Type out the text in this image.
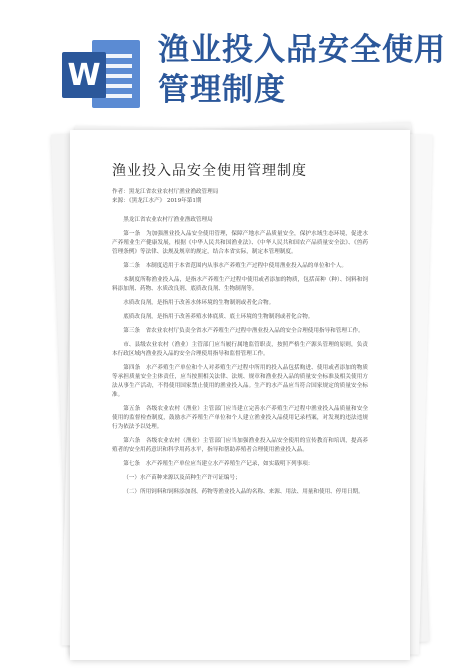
W
渔业投入品安全使用管理制度
渔业投入品安全使用管理制度
作者：黑龙江省农业农村厅渔业渔政管理局
来源：《黑龙江水产》 2019年第1期

黑龙江省农业农村厅渔业渔政管理局

第一条　为加强渔业投入品安全使用管理，保障产地水产品质量安全，保护水域生态环境，促进水产养殖业生产健康发展，根据《中华人民共和国渔业法》、《中华人民共和国农产品质量安全法》、《兽药管理条例》等法律、法规及规章的规定，结合本省实际，制定本管理制度。

第二条　本制度适用于本省范围内从事水产养殖生产过程中使用渔业投入品的单位和个人。

本制度所称渔业投入品，是指水产养殖生产过程中使用或者添加的物质，包括苗种（种）、饲料和饲料添加剂、药物、水质改良剂、底质改良剂、生物制剂等。

水质改良剂，是指用于改善水体环境的生物制剂或者化合物。

底质改良剂，是指用于改善养殖水体底质、底土环境的生物制剂或者化合物。

第三条　省农业农村厅负责全省水产养殖生产过程中渔业投入品的安全合理使用指导和管理工作。

市、县级农业农村（渔业）主管部门应当履行属地监管职责，按照严格生产源头管理的原则，负责本行政区域内渔业投入品的安全合理使用指导和监督管理工作。

第四条　水产养殖生产单位和个人对养殖生产过程中所用的投入品包括购进、使用或者添加的物质等承担质量安全主体责任，应当按照相关法律、法规、规章和渔业投入品的质量安全标准及相关使用方法从事生产活动，不得使用国家禁止使用的渔业投入品。生产的水产品应当符合国家规定的质量安全标准。

第五条　各级农业农村（渔业）主管部门应当建立完善水产养殖生产过程中渔业投入品质量和安全使用的监督检查制度，鼓励水产养殖生产单位和个人建立渔业投入品使用记录档案，对发现的违法违规行为依法予以处理。

第六条　各级农业农村（渔业）主管部门应当加强渔业投入品安全使用的宣传教育和培训，提高养殖者的安全用药意识和科学用药水平，指导和帮助养殖者合理使用渔业投入品。

第七条　水产养殖生产单位应当建立水产养殖生产记录，如实载明下列事项：

（一）水产苗种来源以及苗种生产许可证编号；

（二）所用饲料和饲料添加剂、药物等渔业投入品的名称、来源、用法、用量和使用、停用日期。
